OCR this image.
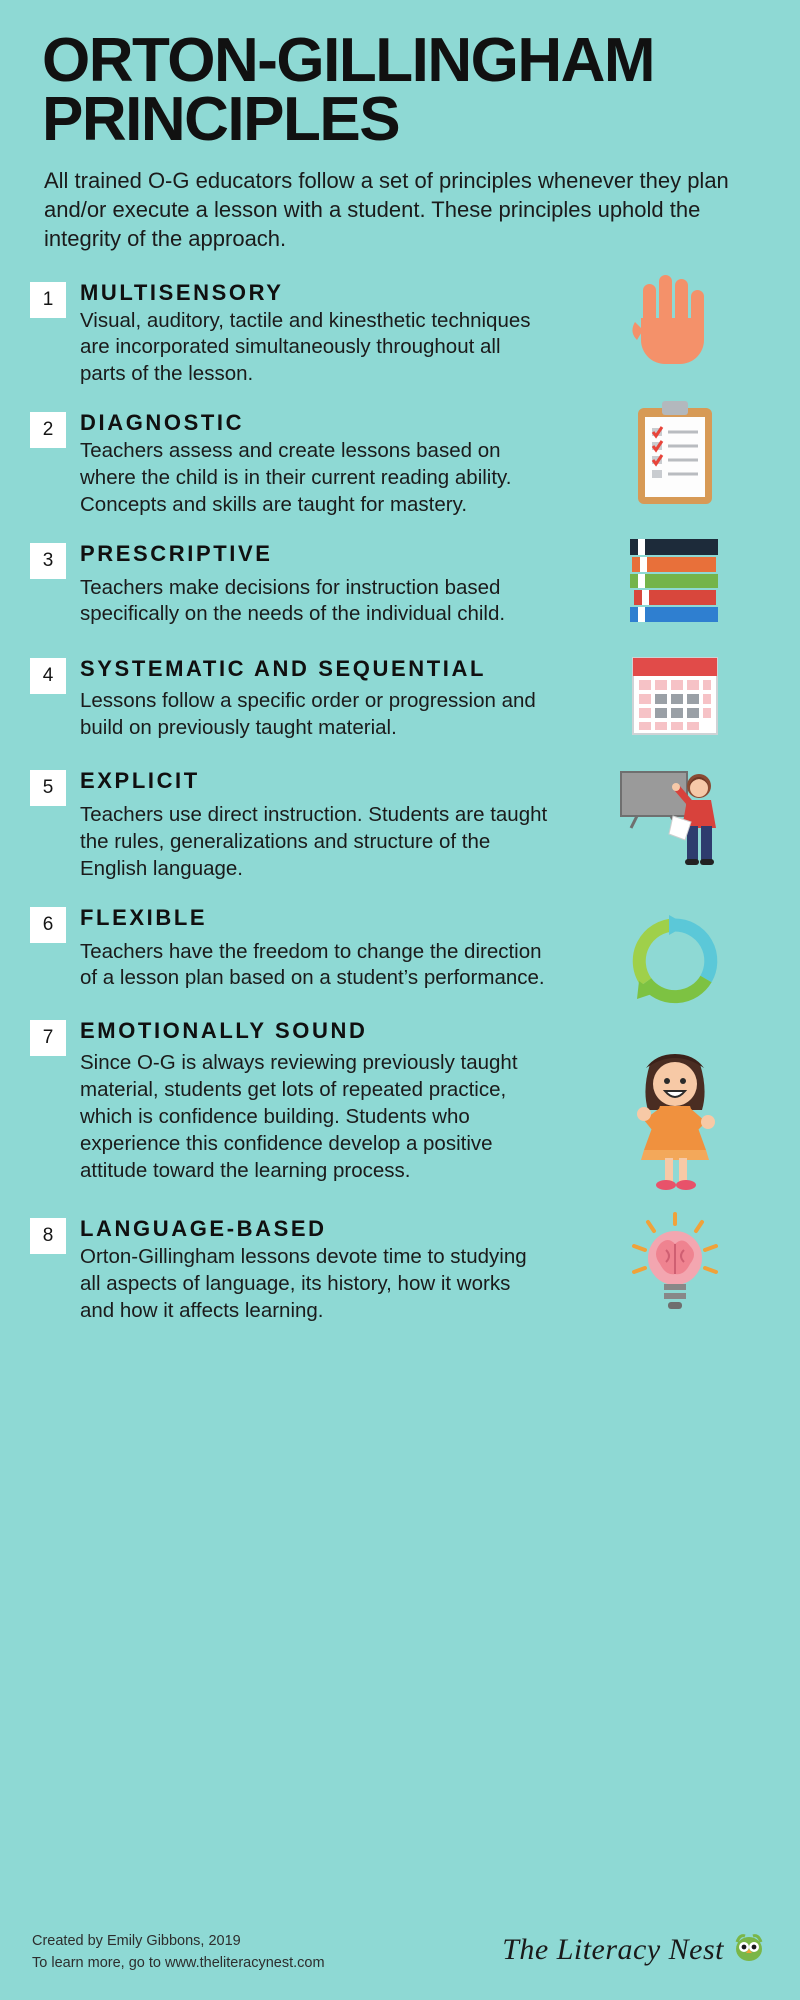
ORTON-GILLINGHAM PRINCIPLES

All trained O-G educators follow a set of principles whenever they plan and/or execute a lesson with a student. These principles uphold the integrity of the approach.

1	MULTISENSORY
Visual, auditory, tactile and kinesthetic techniques are incorporated simultaneously throughout all parts of the lesson.
2	DIAGNOSTIC
Teachers assess and create lessons based on where the child is in their current reading ability. Concepts and skills are taught for mastery.
3	PRESCRIPTIVE
Teachers make decisions for instruction based specifically on the needs of the individual child.
4	SYSTEMATIC AND SEQUENTIAL
Lessons follow a specific order or progression and build on previously taught material.
5	EXPLICIT
Teachers use direct instruction. Students are taught the rules, generalizations and structure of the English language.
6	FLEXIBLE
Teachers have the freedom to change the direction of a lesson plan based on a student’s performance.
7	EMOTIONALLY SOUND
Since O-G is always reviewing previously taught material, students get lots of repeated practice, which is confidence building. Students who experience this confidence develop a positive attitude toward the learning process.
8	LANGUAGE-BASED
Orton-Gillingham lessons devote time to studying all aspects of language, its history, how it works and how it affects learning.
Created by Emily Gibbons, 2019
To learn more, go to www.theliteracynest.com	The Literacy Nest
